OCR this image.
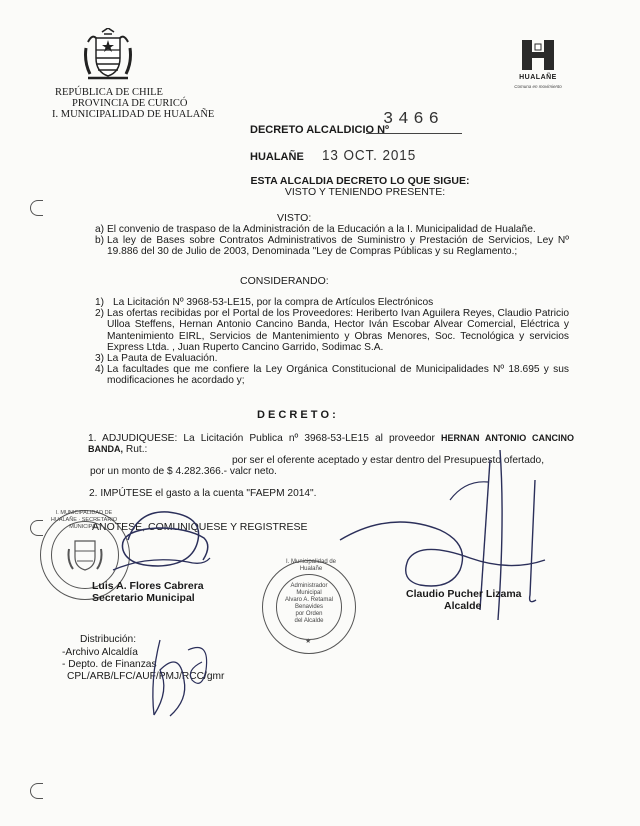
REPÚBLICA DE CHILE
PROVINCIA DE CURICÓ
I. MUNICIPALIDAD DE HUALAÑE
HUALAÑE
Comuna en movimiento
DECRETO ALCALDICIO Nº
3466
HUALAÑE 13 OCT. 2015
ESTA ALCALDIA DECRETO LO QUE SIGUE:
VISTO Y TENIENDO PRESENTE:
VISTO:
a) El convenio de traspaso de la Administración de la Educación a la I. Municipalidad de Hualañe.
b) La ley de Bases sobre Contratos Administrativos de Suministro y Prestación de Servicios, Ley Nº 19.886 del 30 de Julio de 2003, Denominada "Ley de Compras Públicas y su Reglamento.;
CONSIDERANDO:
1) La Licitación Nº 3968-53-LE15, por la compra de Artículos Electrónicos
2) Las ofertas recibidas por el Portal de los Proveedores: Heriberto Ivan Aguilera Reyes, Claudio Patricio Ulloa Steffens, Hernan Antonio Cancino Banda, Hector Iván Escobar Alvear Comercial, Eléctrica y Mantenimiento EIRL, Servicios de Mantenimiento y Obras Menores, Soc. Tecnológica y servicios Express Ltda. , Juan Ruperto Cancino Garrido, Sodimac S.A.
3) La Pauta de Evaluación.
4) La facultades que me confiere la Ley Orgánica Constitucional de Municipalidades Nº 18.695 y sus modificaciones he acordado y;
D E C R E T O :
1. ADJUDIQUESE: La Licitación Publica nº 3968-53-LE15 al proveedor HERNAN ANTONIO CANCINO BANDA, Rut.:
por ser el oferente aceptado y estar dentro del Presupuesto ofertado,
por un monto de $ 4.282.366.- valcr neto.
2. IMPÚTESE el gasto a la cuenta "FAEPM 2014".
ANOTESE, COMUNIQUESE Y REGISTRESE
I. MUNICIPALIDAD DE HUALAÑE · SECRETARIO MUNICIPAL
Luis A. Flores Cabrera
Secretario Municipal
I. Municipalidad de Hualañe
Administrador
Municipal
Alvaro A. Retamal
Benavides
por Orden
del Alcalde
★
Claudio Pucher Lizama
Alcalde
Distribución:
-Archivo Alcaldía
- Depto. de Finanzas
CPL/ARB/LFC/AUF/PMJ/RCC/gmr
